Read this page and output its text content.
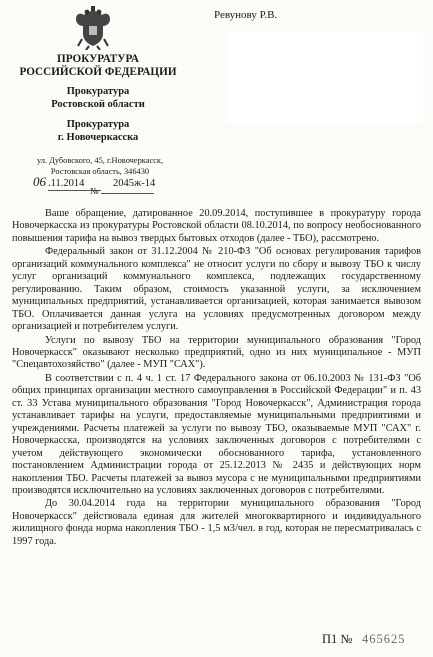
ПРОКУРАТУРА
РОССИЙСКОЙ ФЕДЕРАЦИИ
Прокуратура
Ростовской области
Прокуратура
г. Новочеркасска
ул. Дубовского, 45, г.Новочеркасск,
Ростовская область, 346430
06 .11.2014	2045ж-14
№
Ревунову Р.В.

Ваше обращение, датированное 20.09.2014, поступившее в прокуратуру города Новочеркасска из прокуратуры Ростовской области 08.10.2014, по вопросу необоснованного повышения тарифа на вывоз твердых бытовых отходов (далее - ТБО), рассмотрено.

Федеральный закон от 31.12.2004 № 210-ФЗ "Об основах регулирования тарифов организаций коммунального комплекса" не относит услуги по сбору и вывозу ТБО к числу услуг организаций коммунального комплекса, подлежащих государственному регулированию. Таким образом, стоимость указанной услуги, за исключением муниципальных предприятий, устанавливается организацией, которая занимается вывозом ТБО. Оплачивается данная услуга на условиях предусмотренных договором между организацией и потребителем услуги.

Услуги по вывозу ТБО на территории муниципального образования "Город Новочеркасск" оказывают несколько предприятий, одно из них муниципальное - МУП "Спецавтохозяйство" (далее - МУП "САХ").

В соответствии с п. 4 ч. 1 ст. 17 Федерального закона от 06.10.2003 № 131-ФЗ "Об общих принципах организации местного самоуправления в Российской Федерации" и п. 43 ст. 33 Устава муниципального образования "Город Новочеркасск", Администрация города устанавливает тарифы на услуги, предоставляемые муниципальными предприятиями и учреждениями. Расчеты платежей за услуги по вывозу ТБО, оказываемые МУП "САХ" г. Новочеркасска, производятся на условиях заключенных договоров с потребителями с учетом действующего экономически обоснованного тарифа, установленного постановлением Администрации города от 25.12.2013 № 2435 и действующих норм накопления ТБО. Расчеты платежей за вывоз мусора с не муниципальными предприятиями производятся исключительно на условиях заключенных договоров с потребителями.

До 30.04.2014 года на территории муниципального образования "Город Новочеркасск" действовала единая для жителей многоквартирного и индивидуального жилищного фонда норма накопления ТБО - 1,5 м3/чел. в год, которая не пересматривалась с 1997 года.

П1 № 465625
